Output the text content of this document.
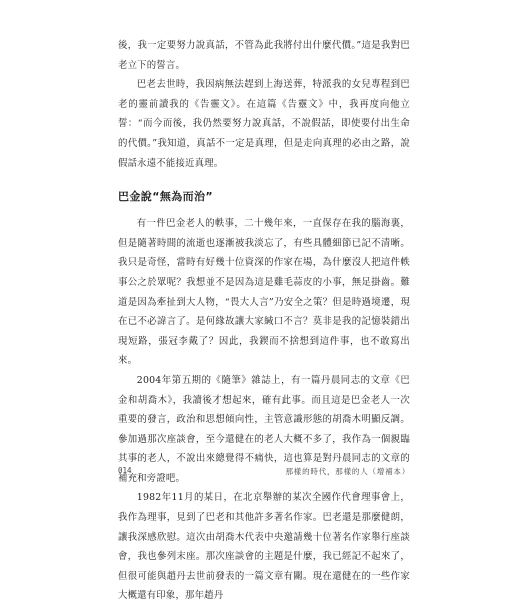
後，我一定要努力說真話，不管為此我將付出什麼代價。”這是我對巴老立下的誓言。

巴老去世時，我因病無法趕到上海送葬，特派我的女兒專程到巴老的靈前讀我的《告靈文》。在這篇《告靈文》中，我再度向他立誓：“而今而後，我仍然要努力說真話，不說假話，即使要付出生命的代價。”我知道，真話不一定是真理，但是走向真理的必由之路，說假話永遠不能接近真理。

巴金說“無為而治”

有一件巴金老人的軼事，二十幾年來，一直保存在我的腦海裏，但是隨著時間的流逝也逐漸被我淡忘了，有些具體細節已記不清晰。我只是奇怪，當時有好幾十位資深的作家在場，為什麼沒人把這件軼事公之於眾呢？我想並不是因為這是雞毛蒜皮的小事，無足掛齒。難道是因為牽扯到大人物，“畏大人言”乃安全之策？但是時過境遷，現在已不必諱言了。是何緣故讓大家緘口不言？莫非是我的記憶裝錯出現短路，張冠李戴了？因此，我鍥而不捨想到這件事，也不敢寫出來。

2004年第五期的《隨筆》雜誌上，有一篇丹晨同志的文章《巴金和胡喬木》，我讀後才想起來，確有此事。而且這是巴金老人一次重要的發言，政治和思想傾向性，主管意識形態的胡喬木明顯反調。參加過那次座談會，至今還健在的老人大概不多了，我作為一個親臨其事的老人，不說出來總覺得不痛快，這也算是對丹晨同志的文章的補充和旁證吧。

1982年11月的某日，在北京舉辦的某次全國作代會理事會上，我作為理事，見到了巴老和其他許多著名作家。巴老還是那麼健朗，讓我深感欣慰。這次由胡喬木代表中央邀請幾十位著名作家舉行座談會，我也參列末座。那次座談會的主題是什麼，我已經記不起來了，但很可能與趙丹去世前發表的一篇文章有關。現在還健在的一些作家大概還有印象，那年趙丹

014	那樣的時代，那樣的人（增補本）
